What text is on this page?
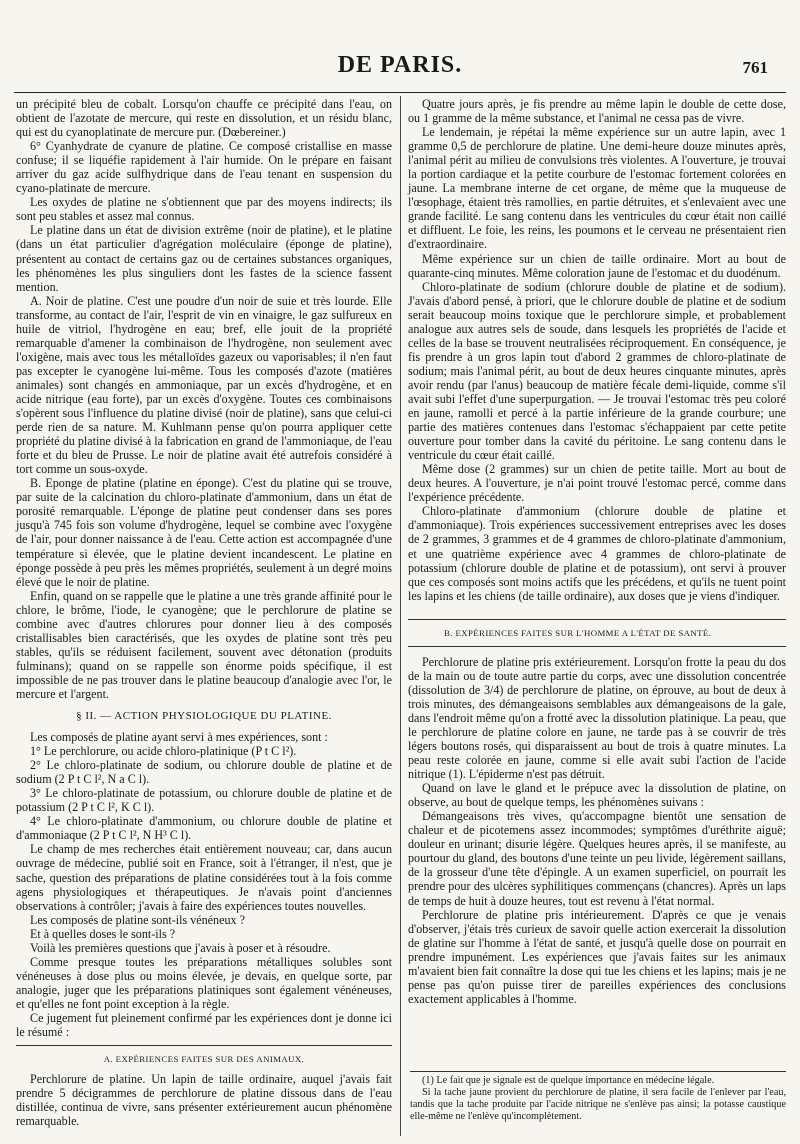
DE PARIS.	761

un précipité bleu de cobalt. Lorsqu'on chauffe ce précipité dans l'eau, on obtient de l'azotate de mercure, qui reste en dissolution, et un résidu blanc, qui est du cyanoplatinate de mercure pur. (Dœbereiner.)

6° Cyanhydrate de cyanure de platine. Ce composé cristallise en masse confuse; il se liquéfie rapidement à l'air humide. On le prépare en faisant arriver du gaz acide sulfhydrique dans de l'eau tenant en suspension du cyano-platinate de mercure.

Les oxydes de platine ne s'obtiennent que par des moyens indirects; ils sont peu stables et assez mal connus.

Le platine dans un état de division extrême (noir de platine), et le platine (dans un état particulier d'agrégation moléculaire (éponge de platine), présentent au contact de certains gaz ou de certaines substances organiques, les phénomènes les plus singuliers dont les fastes de la science fassent mention.

A. Noir de platine. C'est une poudre d'un noir de suie et très lourde. Elle transforme, au contact de l'air, l'esprit de vin en vinaigre, le gaz sulfureux en huile de vitriol, l'hydrogène en eau; bref, elle jouit de la propriété remarquable d'amener la combinaison de l'hydrogène, non seulement avec l'oxigène, mais avec tous les métalloïdes gazeux ou vaporisables; il n'en faut pas excepter le cyanogène lui-même. Tous les composés d'azote (matières animales) sont changés en ammoniaque, par un excès d'hydrogène, et en acide nitrique (eau forte), par un excès d'oxygène. Toutes ces combinaisons s'opèrent sous l'influence du platine divisé (noir de platine), sans que celui-ci perde rien de sa nature. M. Kuhlmann pense qu'on pourra appliquer cette propriété du platine divisé à la fabrication en grand de l'ammoniaque, de l'eau forte et du bleu de Prusse. Le noir de platine avait été autrefois considéré à tort comme un sous-oxyde.

B. Eponge de platine (platine en éponge). C'est du platine qui se trouve, par suite de la calcination du chloro-platinate d'ammonium, dans un état de porosité remarquable. L'éponge de platine peut condenser dans ses pores jusqu'à 745 fois son volume d'hydrogène, lequel se combine avec l'oxygène de l'air, pour donner naissance à de l'eau. Cette action est accompagnée d'une température si élevée, que le platine devient incandescent. Le platine en éponge possède à peu près les mêmes propriétés, seulement à un degré moins élevé que le noir de platine.

Enfin, quand on se rappelle que le platine a une très grande affinité pour le chlore, le brôme, l'iode, le cyanogène; que le perchlorure de platine se combine avec d'autres chlorures pour donner lieu à des composés cristallisables bien caractérisés, que les oxydes de platine sont très peu stables, qu'ils se réduisent facilement, souvent avec détonation (produits fulminans); quand on se rappelle son énorme poids spécifique, il est impossible de ne pas trouver dans le platine beaucoup d'analogie avec l'or, le mercure et l'argent.

§ II. — ACTION PHYSIOLOGIQUE DU PLATINE.

Les composés de platine ayant servi à mes expériences, sont :

1° Le perchlorure, ou acide chloro-platinique (P t C l²).
2° Le chloro-platinate de sodium, ou chlorure double de platine et de sodium (2 P t C l², N a C l).
3° Le chloro-platinate de potassium, ou chlorure double de platine et de potassium (2 P t C l², K C l).
4° Le chloro-platinate d'ammonium, ou chlorure double de platine et d'ammoniaque (2 P t C l², N H³ C l).

Le champ de mes recherches était entièrement nouveau; car, dans aucun ouvrage de médecine, publié soit en France, soit à l'étranger, il n'est, que je sache, question des préparations de platine considérées tout à la fois comme agens physiologiques et thérapeutiques. Je n'avais point d'anciennes observations à contrôler; j'avais à faire des expériences toutes nouvelles.

Les composés de platine sont-ils vénéneux ?

Et à quelles doses le sont-ils ?

Voilà les premières questions que j'avais à poser et à résoudre.

Comme presque toutes les préparations métalliques solubles sont vénéneuses à dose plus ou moins élevée, je devais, en quelque sorte, par analogie, juger que les préparations platiniques sont également vénéneuses, et qu'elles ne font point exception à la règle.

Ce jugement fut pleinement confirmé par les expériences dont je donne ici le résumé :

A. EXPÉRIENCES FAITES SUR DES ANIMAUX.

Perchlorure de platine. Un lapin de taille ordinaire, auquel j'avais fait prendre 5 décigrammes de perchlorure de platine dissous dans de l'eau distillée, continua de vivre, sans présenter extérieurement aucun phénomène remarquable.

Quatre jours après, je fis prendre au même lapin le double de cette dose, ou 1 gramme de la même substance, et l'animal ne cessa pas de vivre.

Le lendemain, je répétai la même expérience sur un autre lapin, avec 1 gramme 0,5 de perchlorure de platine. Une demi-heure douze minutes après, l'animal périt au milieu de convulsions très violentes. A l'ouverture, je trouvai la portion cardiaque et la petite courbure de l'estomac fortement colorées en jaune. La membrane interne de cet organe, de même que la muqueuse de l'œsophage, étaient très ramollies, en partie détruites, et s'enlevaient avec une grande facilité. Le sang contenu dans les ventricules du cœur était non caillé et diffluent. Le foie, les reins, les poumons et le cerveau ne présentaient rien d'extraordinaire.

Même expérience sur un chien de taille ordinaire. Mort au bout de quarante-cinq minutes. Même coloration jaune de l'estomac et du duodénum.

Chloro-platinate de sodium (chlorure double de platine et de sodium). J'avais d'abord pensé, à priori, que le chlorure double de platine et de sodium serait beaucoup moins toxique que le perchlorure simple, et probablement analogue aux autres sels de soude, dans lesquels les propriétés de l'acide et celles de la base se trouvent neutralisées réciproquement. En conséquence, je fis prendre à un gros lapin tout d'abord 2 grammes de chloro-platinate de sodium; mais l'animal périt, au bout de deux heures cinquante minutes, après avoir rendu (par l'anus) beaucoup de matière fécale demi-liquide, comme s'il avait subi l'effet d'une superpurgation. — Je trouvai l'estomac très peu coloré en jaune, ramolli et percé à la partie inférieure de la grande courbure; une partie des matières contenues dans l'estomac s'échappaient par cette petite ouverture pour tomber dans la cavité du péritoine. Le sang contenu dans le ventricule du cœur était caillé.

Même dose (2 grammes) sur un chien de petite taille. Mort au bout de deux heures. A l'ouverture, je n'ai point trouvé l'estomac percé, comme dans l'expérience précédente.

Chloro-platinate d'ammonium (chlorure double de platine et d'ammoniaque). Trois expériences successivement entreprises avec les doses de 2 grammes, 3 grammes et de 4 grammes de chloro-platinate d'ammonium, et une quatrième expérience avec 4 grammes de chloro-platinate de potassium (chlorure double de platine et de potassium), ont servi à prouver que ces composés sont moins actifs que les précédens, et qu'ils ne tuent point les lapins et les chiens (de taille ordinaire), aux doses que je viens d'indiquer.

B. EXPÉRIENCES FAITES SUR L'HOMME A L'ÉTAT DE SANTÉ.

Perchlorure de platine pris extérieurement. Lorsqu'on frotte la peau du dos de la main ou de toute autre partie du corps, avec une dissolution concentrée (dissolution de 3/4) de perchlorure de platine, on éprouve, au bout de deux à trois minutes, des démangeaisons semblables aux démangeaisons de la gale, dans l'endroit même qu'on a frotté avec la dissolution platinique. La peau, que le perchlorure de platine colore en jaune, ne tarde pas à se couvrir de très légers boutons rosés, qui disparaissent au bout de trois à quatre minutes. La peau reste colorée en jaune, comme si elle avait subi l'action de l'acide nitrique (1). L'épiderme n'est pas détruit.

Quand on lave le gland et le prépuce avec la dissolution de platine, on observe, au bout de quelque temps, les phénomènes suivans :

Démangeaisons très vives, qu'accompagne bientôt une sensation de chaleur et de picotemens assez incommodes; symptômes d'uréthrite aiguë; douleur en urinant; disurie légère. Quelques heures après, il se manifeste, au pourtour du gland, des boutons d'une teinte un peu livide, légèrement saillans, de la grosseur d'une tête d'épingle. A un examen superficiel, on pourrait les prendre pour des ulcères syphilitiques commençans (chancres). Après un laps de temps de huit à douze heures, tout est revenu à l'état normal.

Perchlorure de platine pris intérieurement. D'après ce que je venais d'observer, j'étais très curieux de savoir quelle action exercerait la dissolution de glatine sur l'homme à l'état de santé, et jusqu'à quelle dose on pourrait en prendre impunément. Les expériences que j'avais faites sur les animaux m'avaient bien fait connaître la dose qui tue les chiens et les lapins; mais je ne pense pas qu'on puisse tirer de pareilles expériences des conclusions exactement applicables à l'homme.

(1) Le fait que je signale est de quelque importance en médecine légale.

Si la tache jaune provient du perchlorure de platine, il sera facile de l'enlever par l'eau, tandis que la tache produite par l'acide nitrique ne s'enlève pas ainsi; la potasse caustique elle-même ne l'enlève qu'incomplètement.
